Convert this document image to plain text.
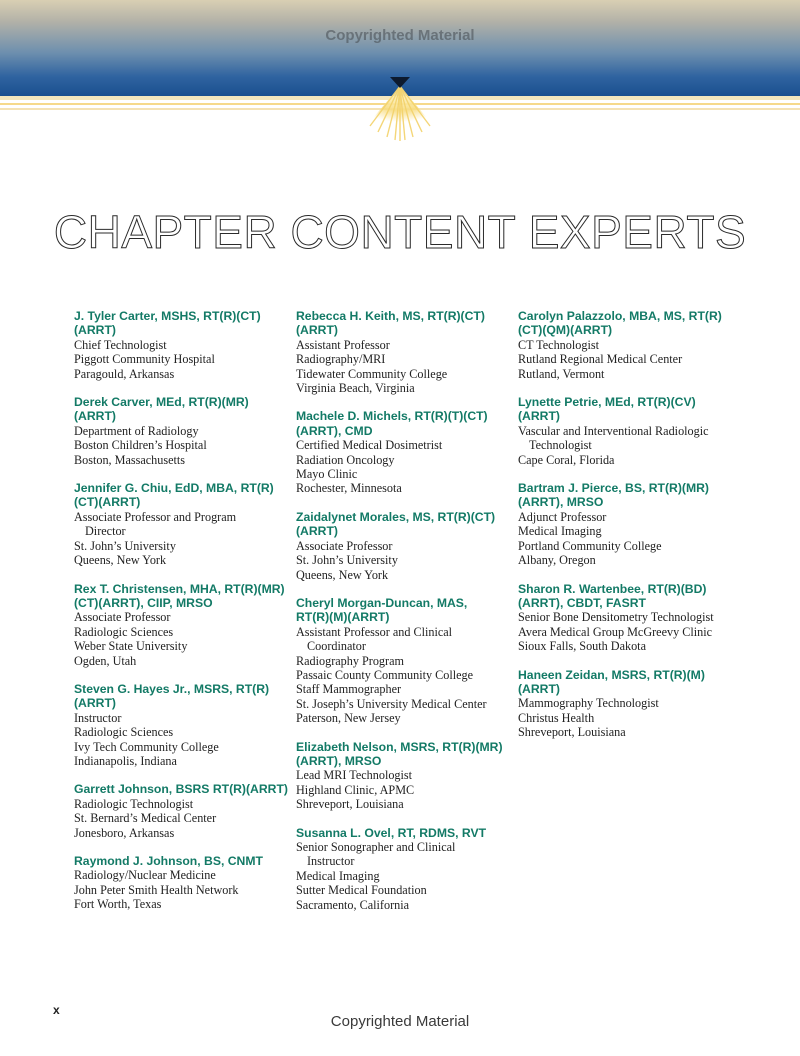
Copyrighted Material
CHAPTER CONTENT EXPERTS
J. Tyler Carter, MSHS, RT(R)(CT)
(ARRT)
Chief Technologist
Piggott Community Hospital
Paragould, Arkansas
Derek Carver, MEd, RT(R)(MR)
(ARRT)
Department of Radiology
Boston Children’s Hospital
Boston, Massachusetts
Jennifer G. Chiu, EdD, MBA, RT(R)
(CT)(ARRT)
Associate Professor and Program
Director
St. John’s University
Queens, New York
Rex T. Christensen, MHA, RT(R)(MR)
(CT)(ARRT), CIIP, MRSO
Associate Professor
Radiologic Sciences
Weber State University
Ogden, Utah
Steven G. Hayes Jr., MSRS, RT(R)
(ARRT)
Instructor
Radiologic Sciences
Ivy Tech Community College
Indianapolis, Indiana
Garrett Johnson, BSRS RT(R)(ARRT)
Radiologic Technologist
St. Bernard’s Medical Center
Jonesboro, Arkansas
Raymond J. Johnson, BS, CNMT
Radiology/Nuclear Medicine
John Peter Smith Health Network
Fort Worth, Texas
Rebecca H. Keith, MS, RT(R)(CT)
(ARRT)
Assistant Professor
Radiography/MRI
Tidewater Community College
Virginia Beach, Virginia
Machele D. Michels, RT(R)(T)(CT)
(ARRT), CMD
Certified Medical Dosimetrist
Radiation Oncology
Mayo Clinic
Rochester, Minnesota
Zaidalynet Morales, MS, RT(R)(CT)
(ARRT)
Associate Professor
St. John’s University
Queens, New York
Cheryl Morgan-Duncan, MAS,
RT(R)(M)(ARRT)
Assistant Professor and Clinical
Coordinator
Radiography Program
Passaic County Community College
Staff Mammographer
St. Joseph’s University Medical Center
Paterson, New Jersey
Elizabeth Nelson, MSRS, RT(R)(MR)
(ARRT), MRSO
Lead MRI Technologist
Highland Clinic, APMC
Shreveport, Louisiana
Susanna L. Ovel, RT, RDMS, RVT
Senior Sonographer and Clinical
Instructor
Medical Imaging
Sutter Medical Foundation
Sacramento, California
Carolyn Palazzolo, MBA, MS, RT(R)
(CT)(QM)(ARRT)
CT Technologist
Rutland Regional Medical Center
Rutland, Vermont
Lynette Petrie, MEd, RT(R)(CV)
(ARRT)
Vascular and Interventional Radiologic
Technologist
Cape Coral, Florida
Bartram J. Pierce, BS, RT(R)(MR)
(ARRT), MRSO
Adjunct Professor
Medical Imaging
Portland Community College
Albany, Oregon
Sharon R. Wartenbee, RT(R)(BD)
(ARRT), CBDT, FASRT
Senior Bone Densitometry Technologist
Avera Medical Group McGreevy Clinic
Sioux Falls, South Dakota
Haneen Zeidan, MSRS, RT(R)(M)
(ARRT)
Mammography Technologist
Christus Health
Shreveport, Louisiana
x
Copyrighted Material
